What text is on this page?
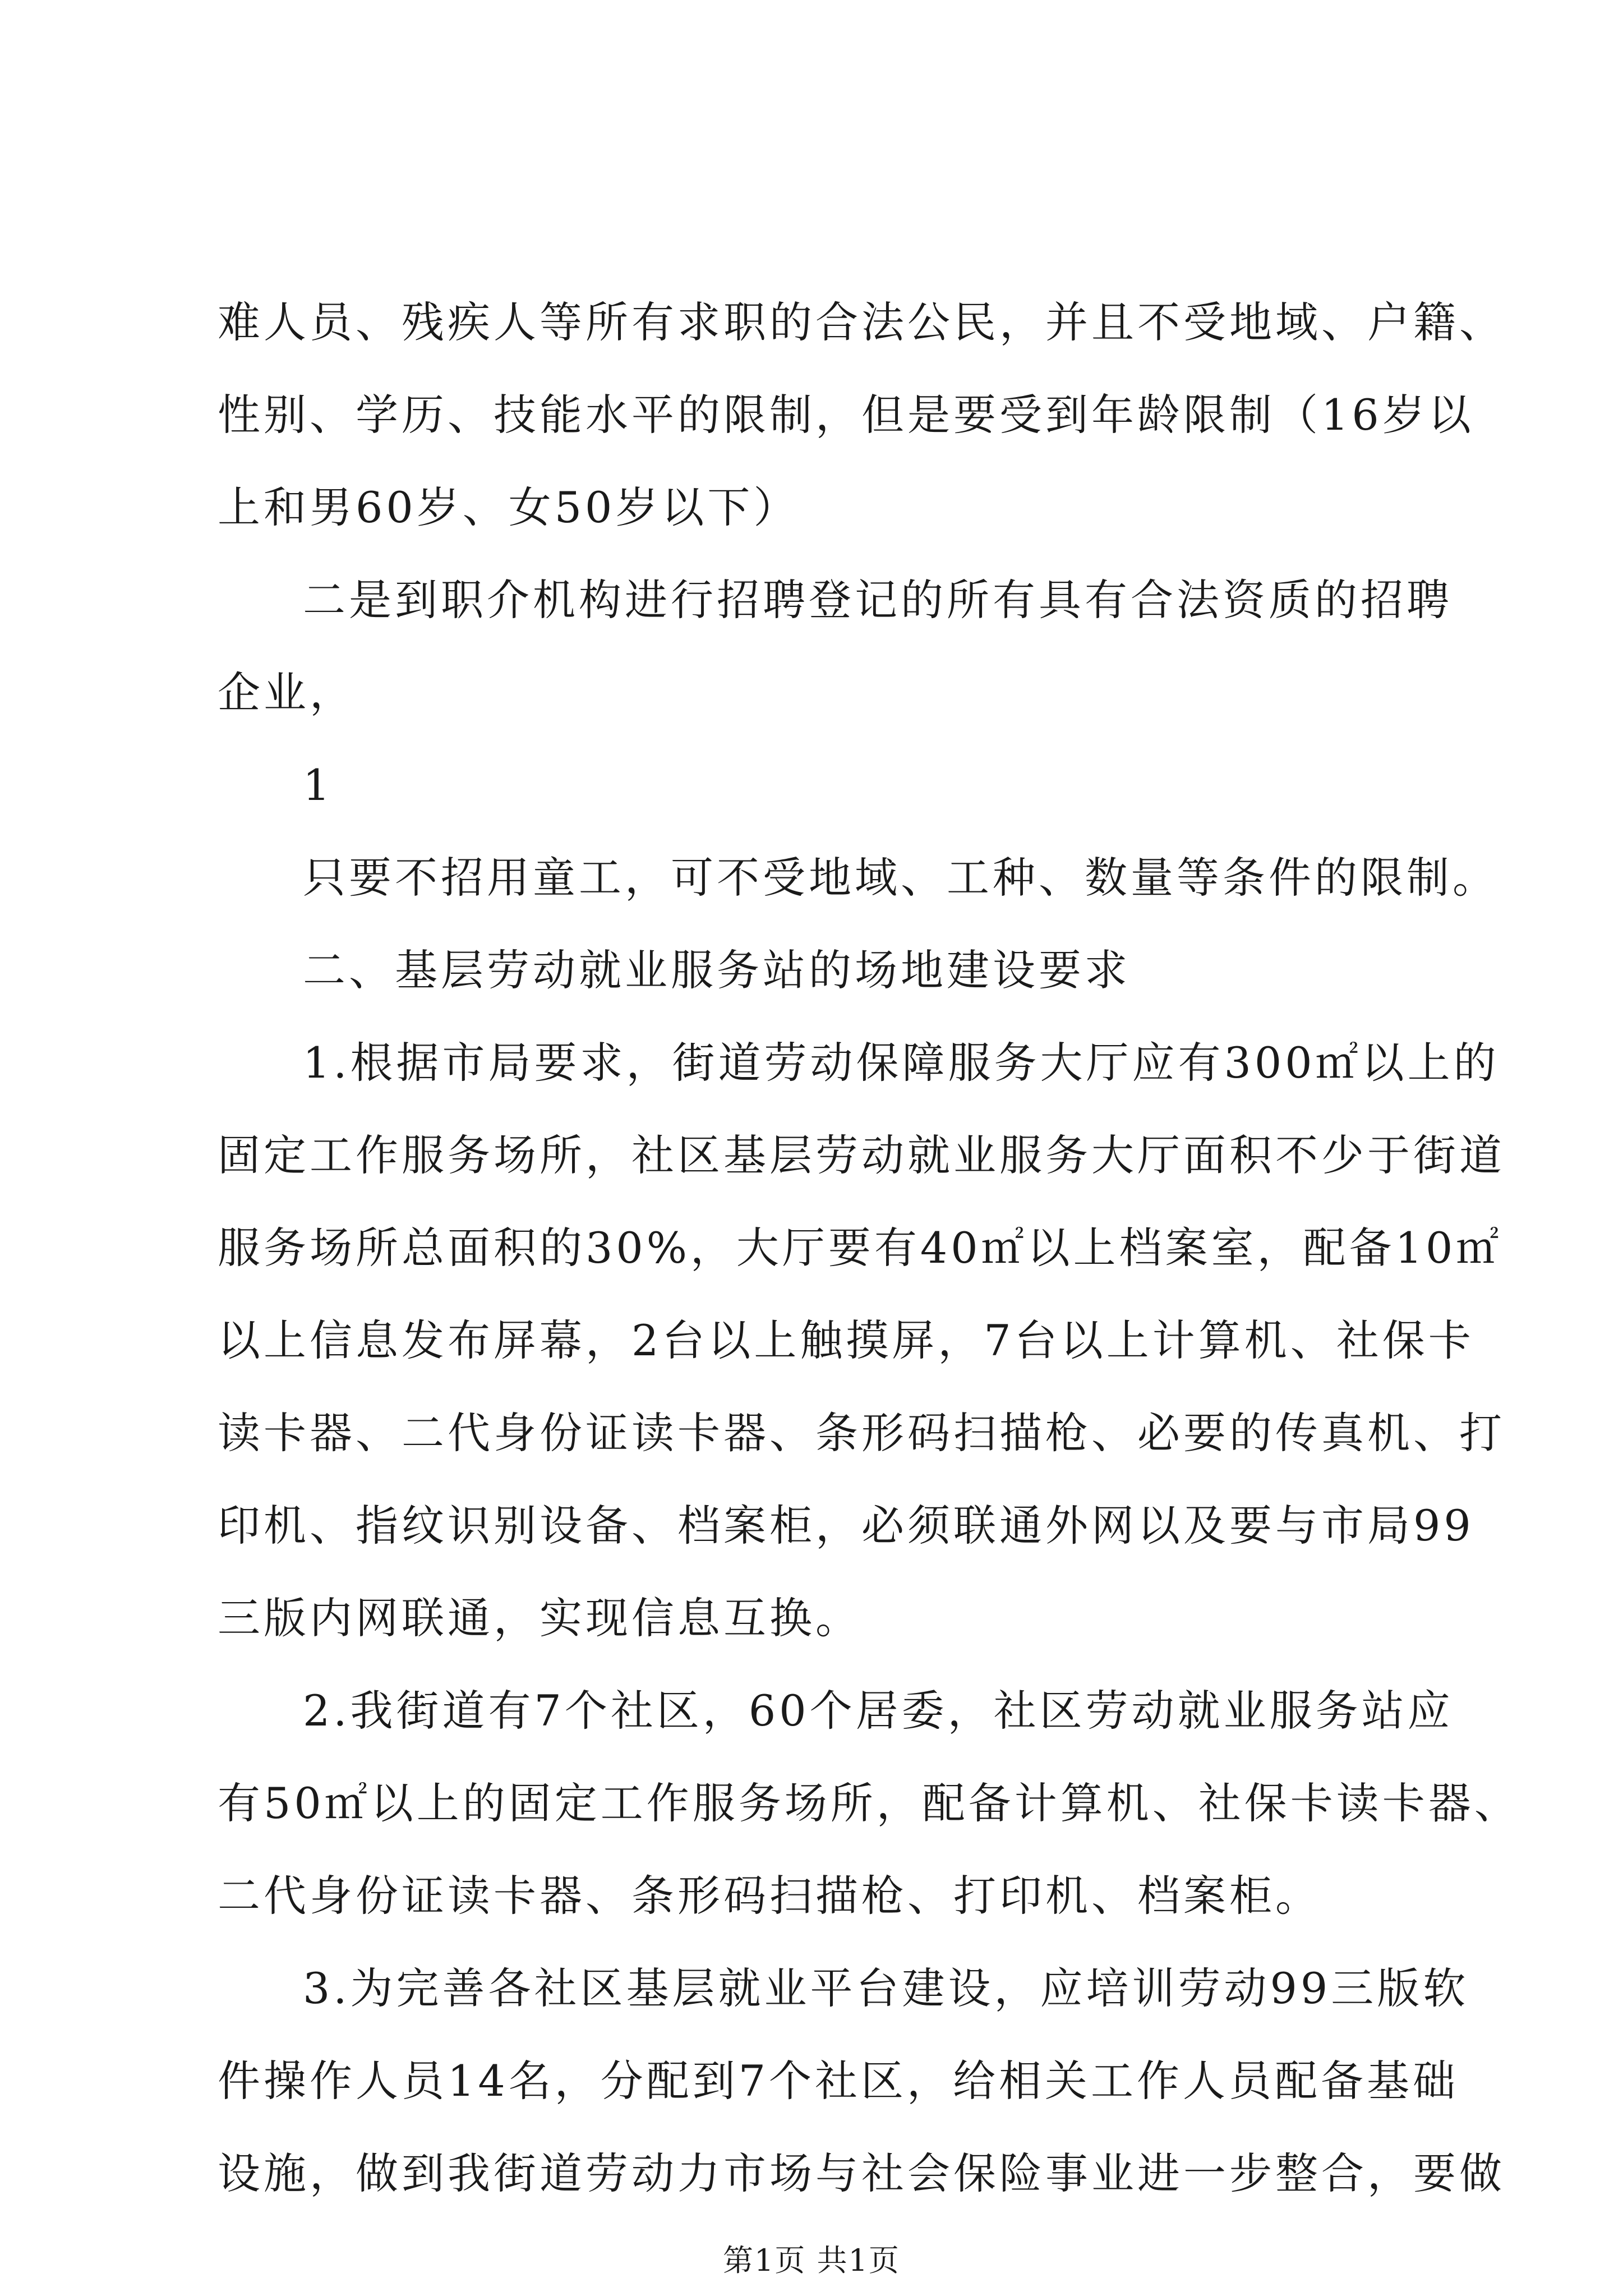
难人员、残疾人等所有求职的合法公民，并且不受地域、户籍、
性别、学历、技能水平的限制，但是要受到年龄限制（16岁以
上和男60岁、女50岁以下）
二是到职介机构进行招聘登记的所有具有合法资质的招聘
企业，
1
只要不招用童工，可不受地域、工种、数量等条件的限制。
二、基层劳动就业服务站的场地建设要求
1.根据市局要求，街道劳动保障服务大厅应有300㎡以上的
固定工作服务场所，社区基层劳动就业服务大厅面积不少于街道
服务场所总面积的30%，大厅要有40㎡以上档案室，配备10㎡
以上信息发布屏幕，2台以上触摸屏，7台以上计算机、社保卡
读卡器、二代身份证读卡器、条形码扫描枪、必要的传真机、打
印机、指纹识别设备、档案柜，必须联通外网以及要与市局99
三版内网联通，实现信息互换。
2.我街道有7个社区，60个居委，社区劳动就业服务站应
有50㎡以上的固定工作服务场所，配备计算机、社保卡读卡器、
二代身份证读卡器、条形码扫描枪、打印机、档案柜。
3.为完善各社区基层就业平台建设，应培训劳动99三版软
件操作人员14名，分配到7个社区，给相关工作人员配备基础
设施，做到我街道劳动力市场与社会保险事业进一步整合，要做
第1页 共1页
